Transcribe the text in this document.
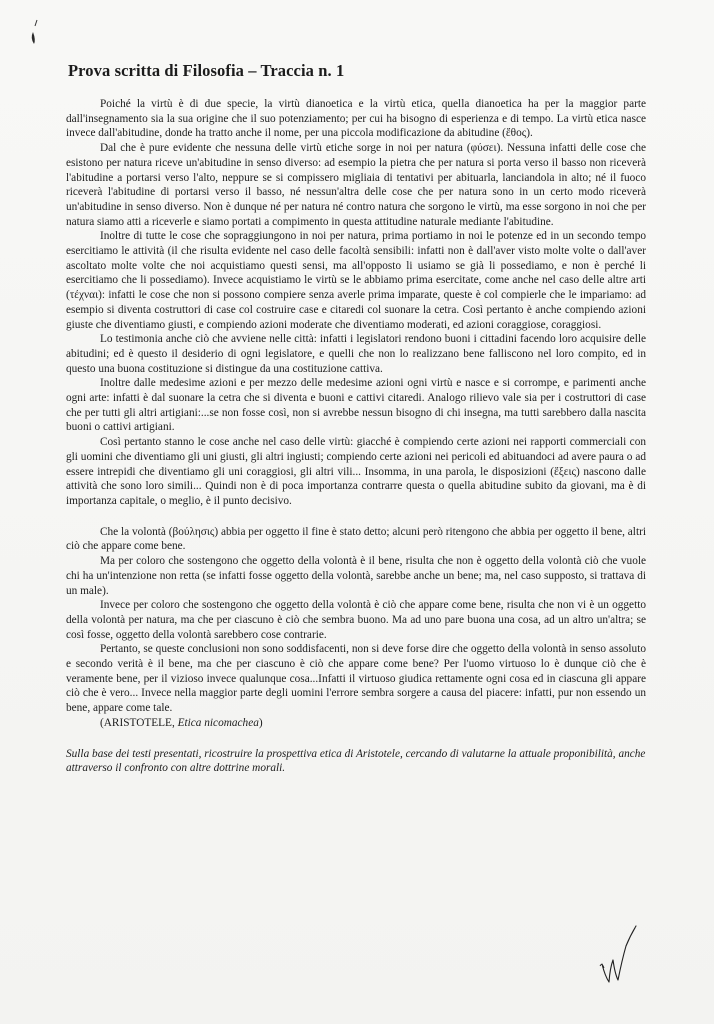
Prova scritta di Filosofia – Traccia n. 1

Poiché la virtù è di due specie, la virtù dianoetica e la virtù etica, quella dianoetica ha per la maggior parte dall'insegnamento sia la sua origine che il suo potenziamento; per cui ha bisogno di esperienza e di tempo. La virtù etica nasce invece dall'abitudine, donde ha tratto anche il nome, per una piccola modificazione da abitudine (ἔθος).

Dal che è pure evidente che nessuna delle virtù etiche sorge in noi per natura (φύσει). Nessuna infatti delle cose che esistono per natura riceve un'abitudine in senso diverso: ad esempio la pietra che per natura si porta verso il basso non riceverà l'abitudine a portarsi verso l'alto, neppure se si compissero migliaia di tentativi per abituarla, lanciandola in alto; né il fuoco riceverà l'abitudine di portarsi verso il basso, né nessun'altra delle cose che per natura sono in un certo modo riceverà un'abitudine in senso diverso. Non è dunque né per natura né contro natura che sorgono le virtù, ma esse sorgono in noi che per natura siamo atti a riceverle e siamo portati a compimento in questa attitudine naturale mediante l'abitudine.

Inoltre di tutte le cose che sopraggiungono in noi per natura, prima portiamo in noi le potenze ed in un secondo tempo esercitiamo le attività (il che risulta evidente nel caso delle facoltà sensibili: infatti non è dall'aver visto molte volte o dall'aver ascoltato molte volte che noi acquistiamo questi sensi, ma all'opposto li usiamo se già li possediamo, e non è perché li esercitiamo che li possediamo). Invece acquistiamo le virtù se le abbiamo prima esercitate, come anche nel caso delle altre arti (τέχναι): infatti le cose che non si possono compiere senza averle prima imparate, queste è col compierle che le impariamo: ad esempio si diventa costruttori di case col costruire case e citaredi col suonare la cetra. Così pertanto è anche compiendo azioni giuste che diventiamo giusti, e compiendo azioni moderate che diventiamo moderati, ed azioni coraggiose, coraggiosi.

Lo testimonia anche ciò che avviene nelle città: infatti i legislatori rendono buoni i cittadini facendo loro acquisire delle abitudini; ed è questo il desiderio di ogni legislatore, e quelli che non lo realizzano bene falliscono nel loro compito, ed in questo una buona costituzione si distingue da una costituzione cattiva.

Inoltre dalle medesime azioni e per mezzo delle medesime azioni ogni virtù e nasce e si corrompe, e parimenti anche ogni arte: infatti è dal suonare la cetra che si diventa e buoni e cattivi citaredi. Analogo rilievo vale sia per i costruttori di case che per tutti gli altri artigiani:...se non fosse così, non si avrebbe nessun bisogno di chi insegna, ma tutti sarebbero dalla nascita buoni o cattivi artigiani.

Così pertanto stanno le cose anche nel caso delle virtù: giacché è compiendo certe azioni nei rapporti commerciali con gli uomini che diventiamo gli uni giusti, gli altri ingiusti; compiendo certe azioni nei pericoli ed abituandoci ad avere paura o ad essere intrepidi che diventiamo gli uni coraggiosi, gli altri vili... Insomma, in una parola, le disposizioni (ἕξεις) nascono dalle attività che sono loro simili... Quindi non è di poca importanza contrarre questa o quella abitudine subito da giovani, ma è di importanza capitale, o meglio, è il punto decisivo.

Che la volontà (βούλησις) abbia per oggetto il fine è stato detto; alcuni però ritengono che abbia per oggetto il bene, altri ciò che appare come bene.

Ma per coloro che sostengono che oggetto della volontà è il bene, risulta che non è oggetto della volontà ciò che vuole chi ha un'intenzione non retta (se infatti fosse oggetto della volontà, sarebbe anche un bene; ma, nel caso supposto, si trattava di un male).

Invece per coloro che sostengono che oggetto della volontà è ciò che appare come bene, risulta che non vi è un oggetto della volontà per natura, ma che per ciascuno è ciò che sembra buono. Ma ad uno pare buona una cosa, ad un altro un'altra; se così fosse, oggetto della volontà sarebbero cose contrarie.

Pertanto, se queste conclusioni non sono soddisfacenti, non si deve forse dire che oggetto della volontà in senso assoluto e secondo verità è il bene, ma che per ciascuno è ciò che appare come bene? Per l'uomo virtuoso lo è dunque ciò che è veramente bene, per il vizioso invece qualunque cosa...Infatti il virtuoso giudica rettamente ogni cosa ed in ciascuna gli appare ciò che è vero... Invece nella maggior parte degli uomini l'errore sembra sorgere a causa del piacere: infatti, pur non essendo un bene, appare come tale.

(ARISTOTELE, Etica nicomachea)

Sulla base dei testi presentati, ricostruire la prospettiva etica di Aristotele, cercando di valutarne la attuale proponibilità, anche attraverso il confronto con altre dottrine morali.
